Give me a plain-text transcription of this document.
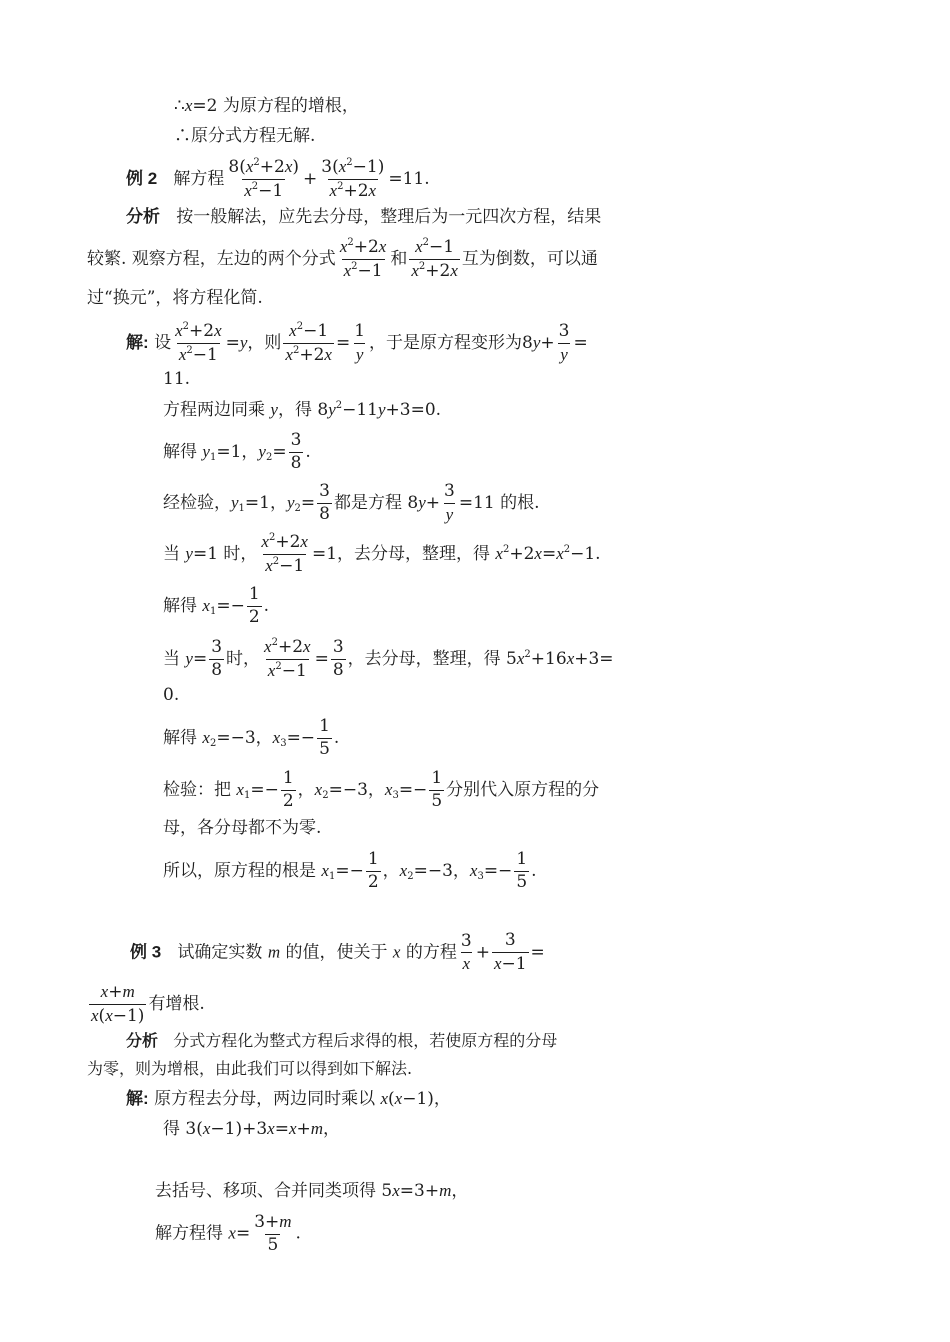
∴x=2 为原方程的增根，
∴原分式方程无解.
例 2 解方程 $\frac{8(x^2+2x)}{x^2-1} + \frac{3(x^2-1)}{x^2+2x} =11$.
分析 按一般解法，应先去分母，整理后为一元四次方程，结果
较繁. 观察方程，左边的两个分式 $\frac{x^2+2x}{x^2-1}$ 和 $\frac{x^2-1}{x^2+2x}$ 互为倒数，可以通
过“换元”，将方程化简.
解: 设 $\frac{x^2+2x}{x^2-1} =y$，则 $\frac{x^2-1}{x^2+2x} = \frac{1}{y}$ ，于是原方程变形为$8y+ \frac{3}{y}$ =
11.
方程两边同乘 y，得 $8y^2-11y+3=0$.
解得 $y_1=1$，$y_2= \frac{3}{8}$ .
经检验，$y_1=1$，$y_2= \frac{3}{8}$ 都是方程 $8y+ \frac{3}{y} =11$ 的根.
当 y=1 时， $\frac{x^2+2x}{x^2-1} =1$，去分母，整理，得 $x^2+2x=x^2-1$.
解得 $x_1=- \frac{1}{2}$ .
当 $y= \frac{3}{8}$ 时， $\frac{x^2+2x}{x^2-1} = \frac{3}{8}$ ，去分母，整理，得 $5x^2+16x+3=$
0.
解得 $x_2=-3$，$x_3=- \frac{1}{5}$ .
检验：把 $x_1=- \frac{1}{2}$ ，$x_2=-3$，$x_3=- \frac{1}{5}$ 分别代入原方程的分
母，各分母都不为零.
所以，原方程的根是 $x_1=- \frac{1}{2}$ ，$x_2=-3$，$x_3=- \frac{1}{5}$ .
例 3 试确定实数 m 的值，使关于 x 的方程 $\frac{3}{x} + \frac{3}{x-1}$ =
$\frac{x+m}{x(x-1)}$ 有增根.
分析 分式方程化为整式方程后求得的根，若使原方程的分母
为零，则为增根，由此我们可以得到如下解法.
解: 原方程去分母，两边同时乘以 x(x−1)，
得 3(x−1)+3x=x+m，
去括号、移项、合并同类项得 5x=3+m，
解方程得 $x= \frac{3+m}{5}$ .
